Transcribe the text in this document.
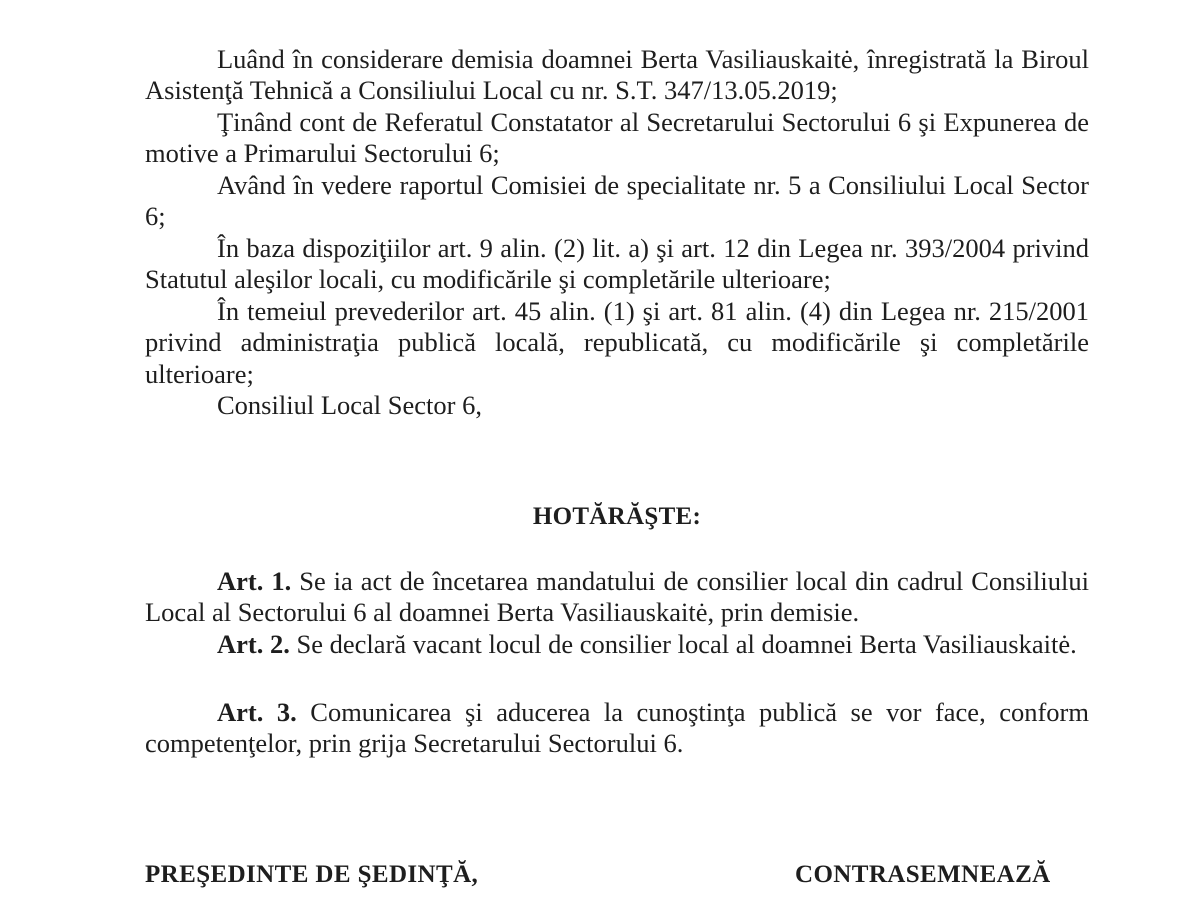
Luând în considerare demisia doamnei Berta Vasiliauskaitė, înregistrată la Biroul Asistenţă Tehnică a Consiliului Local cu nr. S.T. 347/13.05.2019;

Ţinând cont de Referatul Constatator al Secretarului Sectorului 6 şi Expunerea de motive a Primarului Sectorului 6;

Având în vedere raportul Comisiei de specialitate nr. 5 a Consiliului Local Sector 6;

În baza dispoziţiilor art. 9 alin. (2) lit. a) şi art. 12 din Legea nr. 393/2004 privind Statutul aleşilor locali, cu modificările şi completările ulterioare;

În temeiul prevederilor art. 45 alin. (1) şi art. 81 alin. (4) din Legea nr. 215/2001 privind administraţia publică locală, republicată, cu modificările şi completările ulterioare;

Consiliul Local Sector 6,

HOTĂRĂŞTE:

Art. 1. Se ia act de încetarea mandatului de consilier local din cadrul Consiliului Local al Sectorului 6 al doamnei Berta Vasiliauskaitė, prin demisie.

Art. 2. Se declară vacant locul de consilier local al doamnei Berta Vasiliauskaitė.

Art. 3. Comunicarea şi aducerea la cunoştinţa publică se vor face, conform competenţelor, prin grija Secretarului Sectorului 6.

PREŞEDINTE DE ŞEDINŢĂ,	CONTRASEMNEAZĂ
